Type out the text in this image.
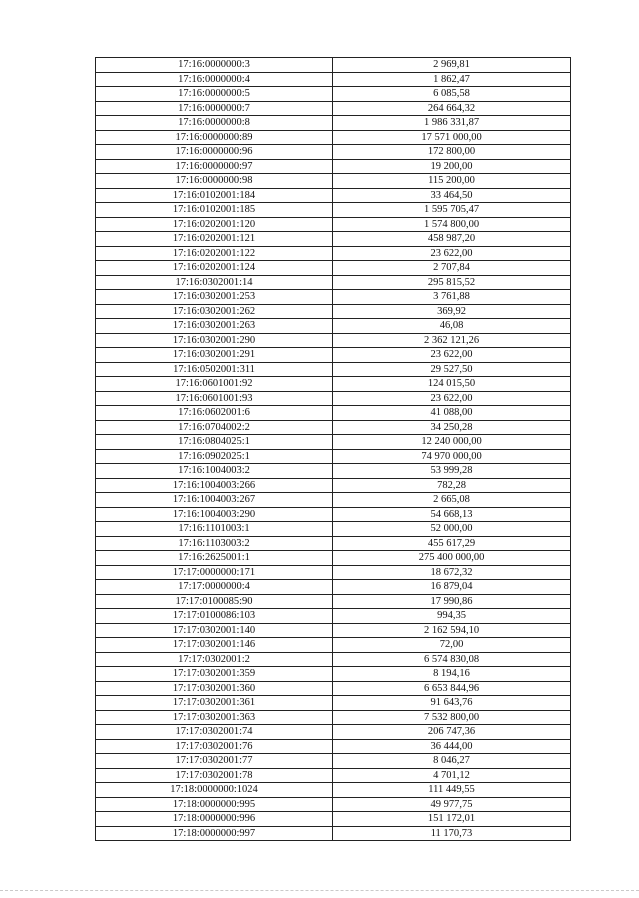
17:16:0000000:3	2 969,81
17:16:0000000:4	1 862,47
17:16:0000000:5	6 085,58
17:16:0000000:7	264 664,32
17:16:0000000:8	1 986 331,87
17:16:0000000:89	17 571 000,00
17:16:0000000:96	172 800,00
17:16:0000000:97	19 200,00
17:16:0000000:98	115 200,00
17:16:0102001:184	33 464,50
17:16:0102001:185	1 595 705,47
17:16:0202001:120	1 574 800,00
17:16:0202001:121	458 987,20
17:16:0202001:122	23 622,00
17:16:0202001:124	2 707,84
17:16:0302001:14	295 815,52
17:16:0302001:253	3 761,88
17:16:0302001:262	369,92
17:16:0302001:263	46,08
17:16:0302001:290	2 362 121,26
17:16:0302001:291	23 622,00
17:16:0502001:311	29 527,50
17:16:0601001:92	124 015,50
17:16:0601001:93	23 622,00
17:16:0602001:6	41 088,00
17:16:0704002:2	34 250,28
17:16:0804025:1	12 240 000,00
17:16:0902025:1	74 970 000,00
17:16:1004003:2	53 999,28
17:16:1004003:266	782,28
17:16:1004003:267	2 665,08
17:16:1004003:290	54 668,13
17:16:1101003:1	52 000,00
17:16:1103003:2	455 617,29
17:16:2625001:1	275 400 000,00
17:17:0000000:171	18 672,32
17:17:0000000:4	16 879,04
17:17:0100085:90	17 990,86
17:17:0100086:103	994,35
17:17:0302001:140	2 162 594,10
17:17:0302001:146	72,00
17:17:0302001:2	6 574 830,08
17:17:0302001:359	8 194,16
17:17:0302001:360	6 653 844,96
17:17:0302001:361	91 643,76
17:17:0302001:363	7 532 800,00
17:17:0302001:74	206 747,36
17:17:0302001:76	36 444,00
17:17:0302001:77	8 046,27
17:17:0302001:78	4 701,12
17:18:0000000:1024	111 449,55
17:18:0000000:995	49 977,75
17:18:0000000:996	151 172,01
17:18:0000000:997	11 170,73
